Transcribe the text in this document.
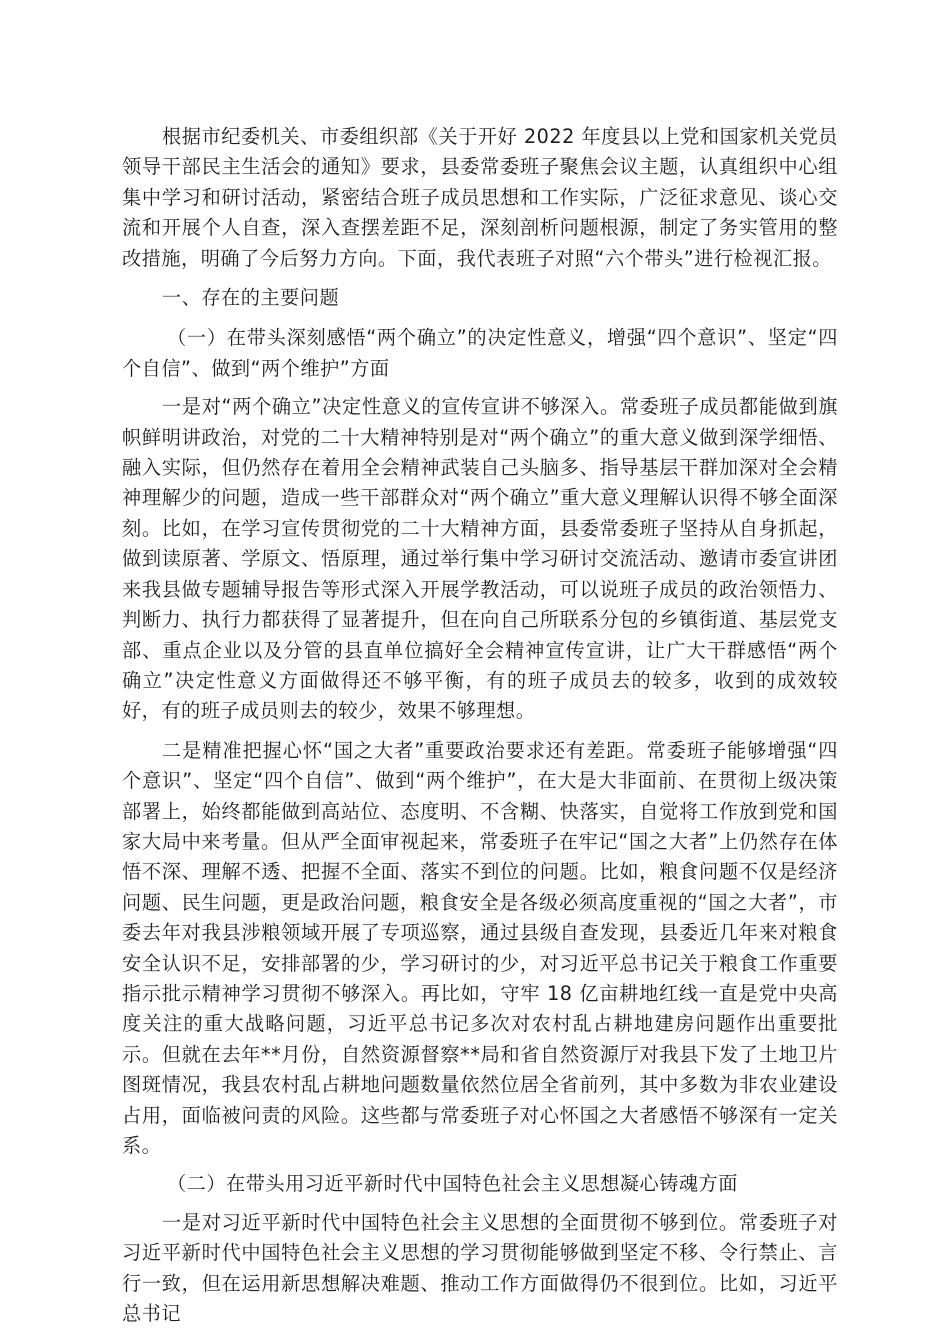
根据市纪委机关、市委组织部《关于开好 2022 年度县以上党和国家机关党员领导干部民主生活会的通知》要求，县委常委班子聚焦会议主题，认真组织中心组集中学习和研讨活动，紧密结合班子成员思想和工作实际，广泛征求意见、谈心交流和开展个人自查，深入查摆差距不足，深刻剖析问题根源，制定了务实管用的整改措施，明确了今后努力方向。下面，我代表班子对照“六个带头”进行检视汇报。

一、存在的主要问题

（一）在带头深刻感悟“两个确立”的决定性意义，增强“四个意识”、坚定“四个自信”、做到“两个维护”方面

一是对“两个确立”决定性意义的宣传宣讲不够深入。常委班子成员都能做到旗帜鲜明讲政治，对党的二十大精神特别是对“两个确立”的重大意义做到深学细悟、融入实际，但仍然存在着用全会精神武装自己头脑多、指导基层干群加深对全会精神理解少的问题，造成一些干部群众对“两个确立”重大意义理解认识得不够全面深刻。比如，在学习宣传贯彻党的二十大精神方面，县委常委班子坚持从自身抓起，做到读原著、学原文、悟原理，通过举行集中学习研讨交流活动、邀请市委宣讲团来我县做专题辅导报告等形式深入开展学教活动，可以说班子成员的政治领悟力、判断力、执行力都获得了显著提升，但在向自己所联系分包的乡镇街道、基层党支部、重点企业以及分管的县直单位搞好全会精神宣传宣讲，让广大干群感悟“两个确立”决定性意义方面做得还不够平衡，有的班子成员去的较多，收到的成效较好，有的班子成员则去的较少，效果不够理想。

二是精准把握心怀“国之大者”重要政治要求还有差距。常委班子能够增强“四个意识”、坚定“四个自信”、做到“两个维护”，在大是大非面前、在贯彻上级决策部署上，始终都能做到高站位、态度明、不含糊、快落实，自觉将工作放到党和国家大局中来考量。但从严全面审视起来，常委班子在牢记“国之大者”上仍然存在体悟不深、理解不透、把握不全面、落实不到位的问题。比如，粮食问题不仅是经济问题、民生问题，更是政治问题，粮食安全是各级必须高度重视的“国之大者”，市委去年对我县涉粮领域开展了专项巡察，通过县级自查发现，县委近几年来对粮食安全认识不足，安排部署的少，学习研讨的少，对习近平总书记关于粮食工作重要指示批示精神学习贯彻不够深入。再比如，守牢 18 亿亩耕地红线一直是党中央高度关注的重大战略问题，习近平总书记多次对农村乱占耕地建房问题作出重要批示。但就在去年**月份，自然资源督察**局和省自然资源厅对我县下发了土地卫片图斑情况，我县农村乱占耕地问题数量依然位居全省前列，其中多数为非农业建设占用，面临被问责的风险。这些都与常委班子对心怀国之大者感悟不够深有一定关系。

（二）在带头用习近平新时代中国特色社会主义思想凝心铸魂方面

一是对习近平新时代中国特色社会主义思想的全面贯彻不够到位。常委班子对习近平新时代中国特色社会主义思想的学习贯彻能够做到坚定不移、令行禁止、言行一致，但在运用新思想解决难题、推动工作方面做得仍不很到位。比如，习近平总书记
